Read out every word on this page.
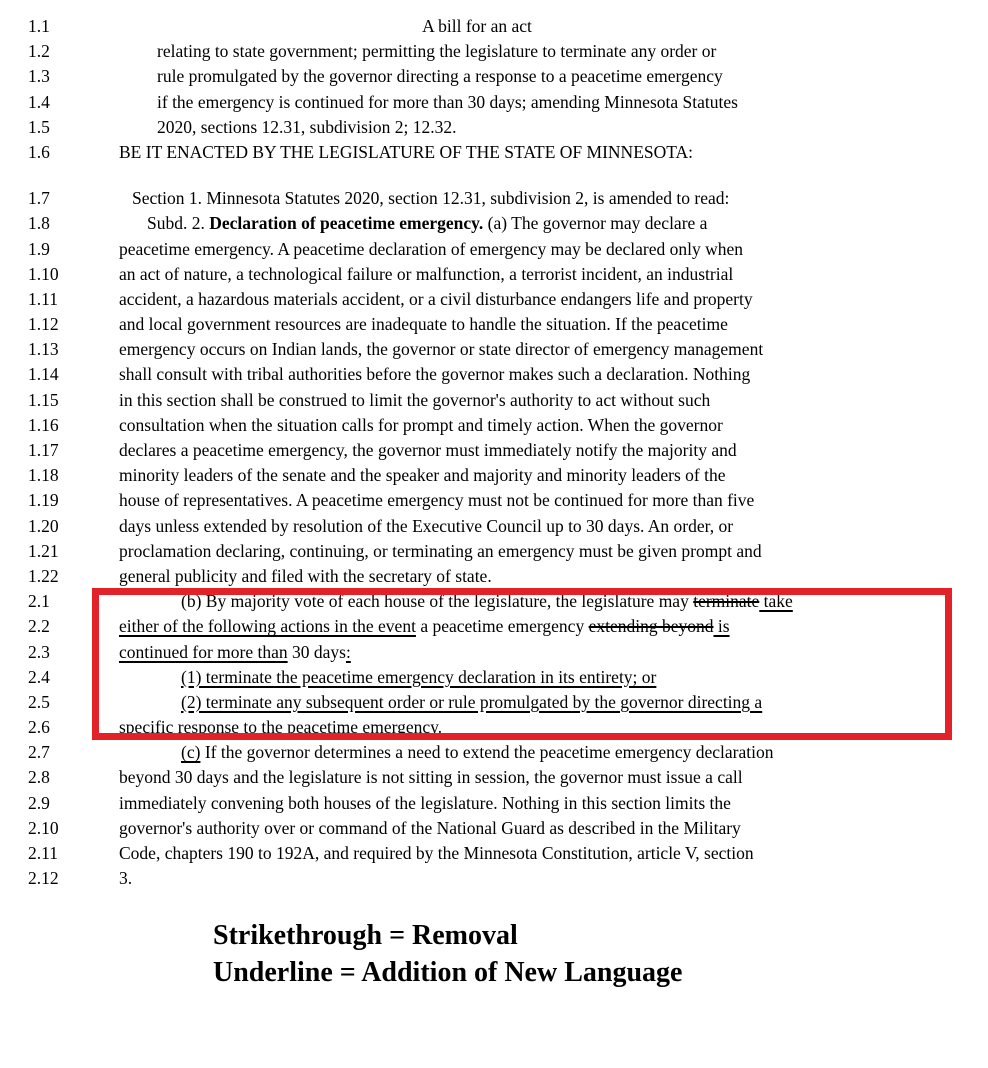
1.1	A bill for an act
1.2	relating to state government; permitting the legislature to terminate any order or
1.3	rule promulgated by the governor directing a response to a peacetime emergency
1.4	if the emergency is continued for more than 30 days; amending Minnesota Statutes
1.5	2020, sections 12.31, subdivision 2; 12.32.
1.6	BE IT ENACTED BY THE LEGISLATURE OF THE STATE OF MINNESOTA:
1.7	Section 1. Minnesota Statutes 2020, section 12.31, subdivision 2, is amended to read:
1.8	Subd. 2. Declaration of peacetime emergency. (a) The governor may declare a
1.9	peacetime emergency. A peacetime declaration of emergency may be declared only when
1.10	an act of nature, a technological failure or malfunction, a terrorist incident, an industrial
1.11	accident, a hazardous materials accident, or a civil disturbance endangers life and property
1.12	and local government resources are inadequate to handle the situation. If the peacetime
1.13	emergency occurs on Indian lands, the governor or state director of emergency management
1.14	shall consult with tribal authorities before the governor makes such a declaration. Nothing
1.15	in this section shall be construed to limit the governor's authority to act without such
1.16	consultation when the situation calls for prompt and timely action. When the governor
1.17	declares a peacetime emergency, the governor must immediately notify the majority and
1.18	minority leaders of the senate and the speaker and majority and minority leaders of the
1.19	house of representatives. A peacetime emergency must not be continued for more than five
1.20	days unless extended by resolution of the Executive Council up to 30 days. An order, or
1.21	proclamation declaring, continuing, or terminating an emergency must be given prompt and
1.22	general publicity and filed with the secretary of state.
2.1	(b) By majority vote of each house of the legislature, the legislature may terminate take
2.2	either of the following actions in the event a peacetime emergency extending beyond is
2.3	continued for more than 30 days:
2.4	(1) terminate the peacetime emergency declaration in its entirety; or
2.5	(2) terminate any subsequent order or rule promulgated by the governor directing a
2.6	specific response to the peacetime emergency.
2.7	(c) If the governor determines a need to extend the peacetime emergency declaration
2.8	beyond 30 days and the legislature is not sitting in session, the governor must issue a call
2.9	immediately convening both houses of the legislature. Nothing in this section limits the
2.10	governor's authority over or command of the National Guard as described in the Military
2.11	Code, chapters 190 to 192A, and required by the Minnesota Constitution, article V, section
2.12	3.
Strikethrough = Removal
Underline = Addition of New Language
